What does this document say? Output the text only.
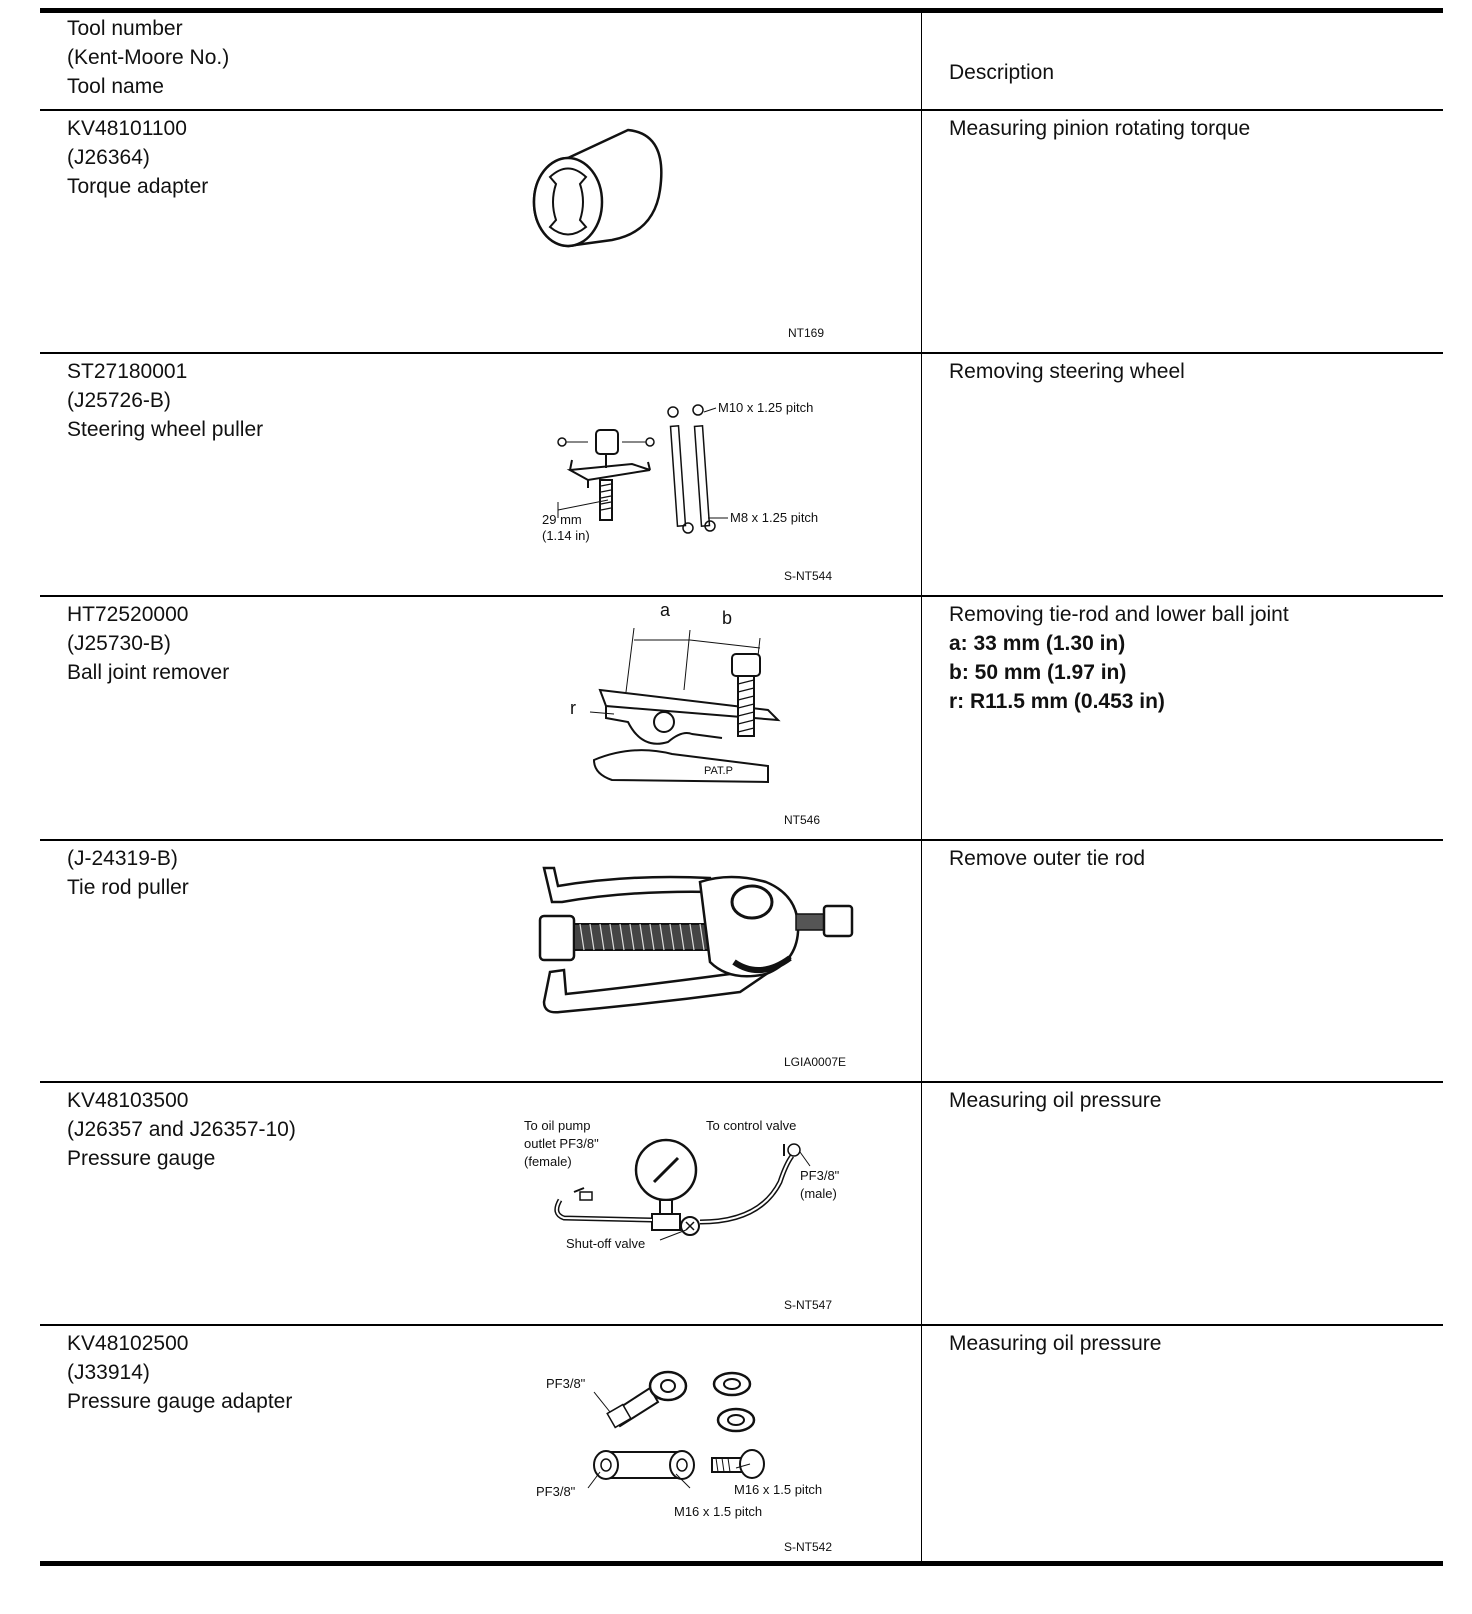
Tool number
(Kent-Moore No.)
Tool name
Description
KV48101100
(J26364)
Torque adapter
NT169
Measuring pinion rotating torque
ST27180001
(J25726-B)
Steering wheel puller
M10 x 1.25 pitch
M8 x 1.25 pitch
29 mm
(1.14 in)
S-NT544
Removing steering wheel
HT72520000
(J25730-B)
Ball joint remover
a	b
r
PAT.P
NT546
Removing tie-rod and lower ball joint
a: 33 mm (1.30 in)
b: 50 mm (1.97 in)
r: R11.5 mm (0.453 in)
(J-24319-B)
Tie rod puller
LGIA0007E
Remove outer tie rod
KV48103500
(J26357 and J26357-10)
Pressure gauge
To oil pump
outlet PF3/8"
(female)
To control valve
PF3/8"
(male)
Shut-off valve
S-NT547
Measuring oil pressure
KV48102500
(J33914)
Pressure gauge adapter
PF3/8"
PF3/8"	M16 x 1.5 pitch
M16 x 1.5 pitch
S-NT542
Measuring oil pressure
